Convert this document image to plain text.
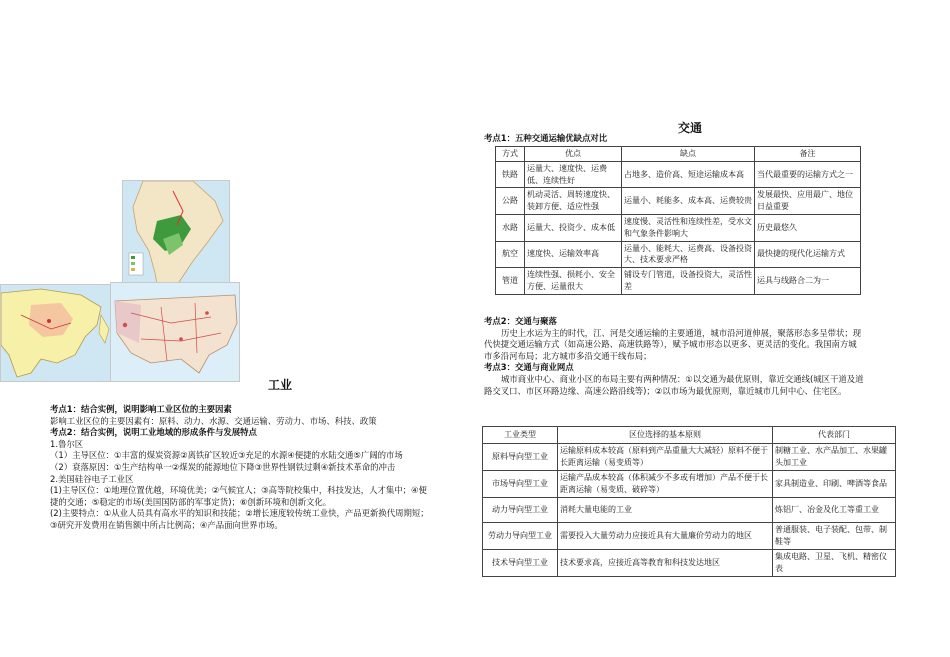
工业
考点1：结合实例，说明影响工业区位的主要因素
影响工业区位的主要因素有：原料、动力、水源、交通运输、劳动力、市场、科技、政策
考点2：结合实例，说明工业地域的形成条件与发展特点
1.鲁尔区
（1）主导区位：①丰富的煤炭资源②离铁矿区较近③充足的水源④便捷的水陆交通⑤广阔的市场
（2）衰落原因：①生产结构单一②煤炭的能源地位下降③世界性钢铁过剩④新技术革命的冲击
2.美国硅谷电子工业区
(1)主导区位：①地理位置优越，环境优美；②气候宜人；③高等院校集中，科技发达，人才集中；④便
捷的交通；⑤稳定的市场(美国国防部的军事定货)；⑥创新环境和创新文化。
(2)主要特点：①从业人员具有高水平的知识和技能；②增长速度较传统工业快，产品更新换代周期短；
③研究开发费用在销售额中所占比例高；④产品面向世界市场。
交通
考点1：五种交通运输优缺点对比
方式	优点	缺点	备注
铁路	运量大、速度快、运费低、连续性好	占地多、造价高、短途运输成本高	当代最重要的运输方式之一
公路	机动灵活、周转速度快、装卸方便、适应性强	运量小、耗能多、成本高、运费较贵	发展最快、应用最广、地位日益重要
水路	运量大、投资少、成本低	速度慢、灵活性和连续性差，受水文和气象条件影响大	历史最悠久
航空	速度快、运输效率高	运量小、能耗大、运费高、设备投资大、技术要求严格	最快捷的现代化运输方式
管道	连续性强、损耗小、安全方便、运量很大	铺设专门管道，设备投资大，灵活性差	运具与线路合二为一
考点2：交通与聚落
历史上水运为主的时代，江、河是交通运输的主要通道，城市沿河道伸展，聚落形态多呈带状；现
代快捷交通运输方式（如高速公路、高速铁路等），赋予城市形态以更多、更灵活的变化。我国南方城
市多沿河布局；北方城市多沿交通干线布局；
考点3：交通与商业网点
城市商业中心、商业小区的布局主要有两种情况：①以交通为最优原则，靠近交通线(城区干道及道
路交叉口、市区环路边缘、高速公路沿线等)；②以市场为最优原则，靠近城市几何中心、住宅区。
工业类型	区位选择的基本原则	代表部门
原料导向型工业	运输原料成本较高（原料到产品重量大大减轻）原料不便于长距离运输（易变质等）	制糖工业、水产品加工、水果罐头加工业
市场导向型工业	运输产品成本较高（体积减少不多或有增加）产品不便于长距离运输（易变质、破碎等）	家具制造业、印刷、啤酒等食品
动力导向型工业	消耗大量电能的工业	炼铝厂、冶金及化工等重工业
劳动力导向型工业	需要投入大量劳动力应接近具有大量廉价劳动力的地区	普通服装、电子装配、包带、制鞋等
技术导向型工业	技术要求高，应接近高等教育和科技发达地区	集成电路、卫星、飞机、精密仪表
